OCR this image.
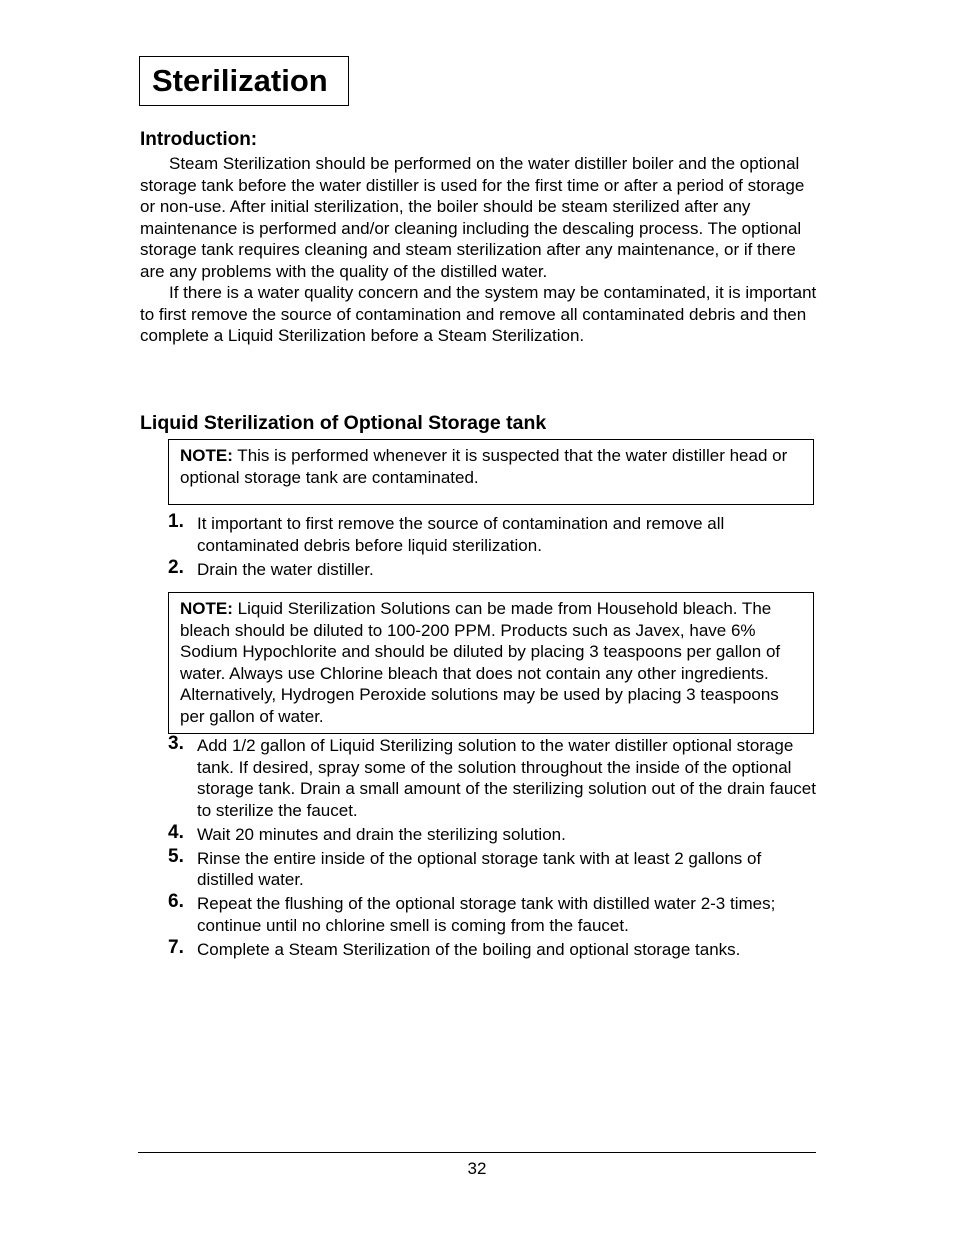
Sterilization
Introduction:

Steam Sterilization should be performed on the water distiller boiler and the optional storage tank before the water distiller is used for the first time or after a period of storage or non-use. After initial sterilization, the boiler should be steam sterilized after any maintenance is performed and/or cleaning including the descaling process. The optional storage tank requires cleaning and steam sterilization after any maintenance, or if there are any problems with the quality of the distilled water.

If there is a water quality concern and the system may be contaminated, it is important to first remove the source of contamination and remove all contaminated debris and then complete a Liquid Sterilization before a Steam Sterilization.

Liquid Sterilization of Optional Storage tank
NOTE: This is performed whenever it is suspected that the water distiller head or optional storage tank are contaminated.
1. It important to first remove the source of contamination and remove all contaminated debris before liquid sterilization.
2. Drain the water distiller.
NOTE: Liquid Sterilization Solutions can be made from Household bleach. The bleach should be diluted to 100-200 PPM. Products such as Javex, have 6% Sodium Hypochlorite and should be diluted by placing 3 teaspoons per gallon of water. Always use Chlorine bleach that does not contain any other ingredients. Alternatively, Hydrogen Peroxide solutions may be used by placing 3 teaspoons per gallon of water.
3. Add 1/2 gallon of Liquid Sterilizing solution to the water distiller optional storage tank. If desired, spray some of the solution throughout the inside of the optional storage tank. Drain a small amount of the sterilizing solution out of the drain faucet to sterilize the faucet.
4. Wait 20 minutes and drain the sterilizing solution.
5. Rinse the entire inside of the optional storage tank with at least 2 gallons of distilled water.
6. Repeat the flushing of the optional storage tank with distilled water 2-3 times; continue until no chlorine smell is coming from the faucet.
7. Complete a Steam Sterilization of the boiling and optional storage tanks.
32
